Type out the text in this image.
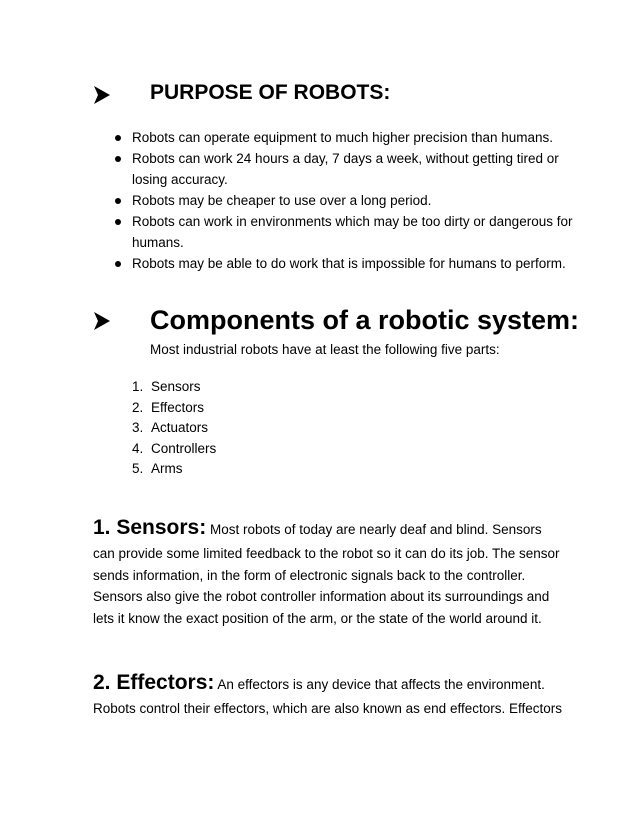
PURPOSE OF ROBOTS:
Robots can operate equipment to much higher precision than humans.
Robots can work 24 hours a day, 7 days a week, without getting tired or losing accuracy.
Robots may be cheaper to use over a long period.
Robots can work in environments which may be too dirty or dangerous for humans.
Robots may be able to do work that is impossible for humans to perform.
Components of a robotic system:
Most industrial robots have at least the following five parts:
1. Sensors
2. Effectors
3. Actuators
4. Controllers
5. Arms
1. Sensors: Most robots of today are nearly deaf and blind. Sensors
can provide some limited feedback to the robot so it can do its job. The sensor sends information, in the form of electronic signals back to the controller. Sensors also give the robot controller information about its surroundings and lets it know the exact position of the arm, or the state of the world around it.
2. Effectors: An effectors is any device that affects the environment.
Robots control their effectors, which are also known as end effectors. Effectors
